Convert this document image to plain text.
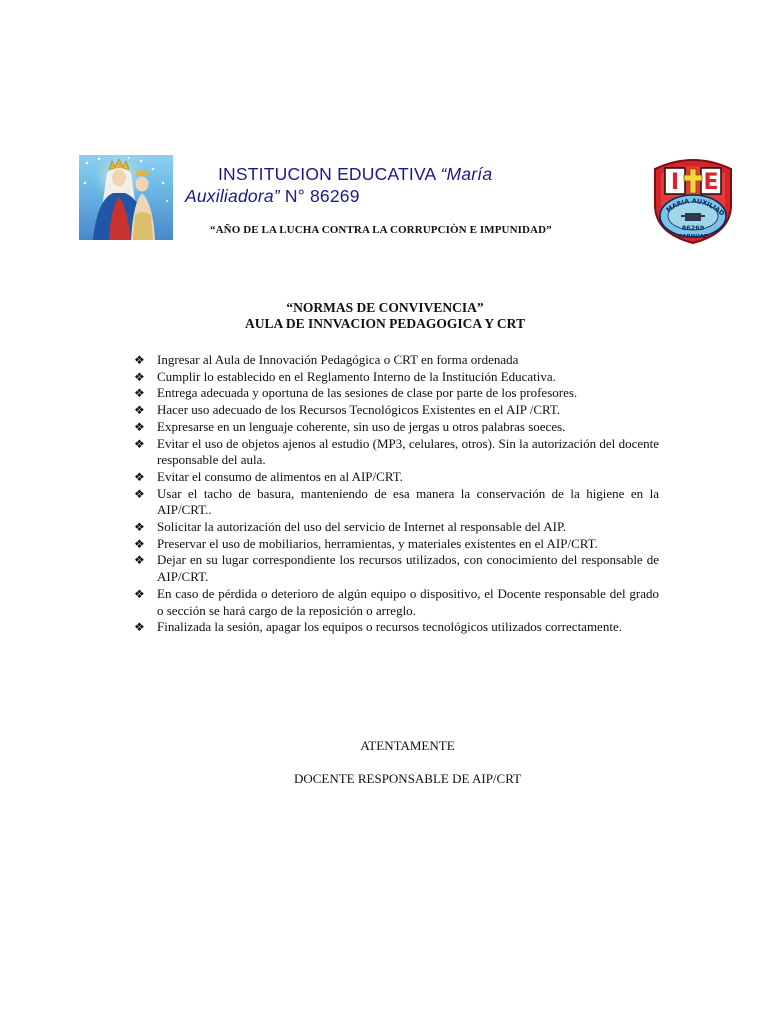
INSTITUCION EDUCATIVA “María
Auxiliadora” N° 86269
“AÑO DE LA LUCHA CONTRA LA CORRUPCIÒN E IMPUNIDAD”
I E
MARIA AUXILIAD
86269
CARHUAZ
“NORMAS DE CONVIVENCIA”
AULA DE INNVACION PEDAGOGICA Y CRT
❖ Ingresar al Aula de Innovación Pedagógica o CRT en forma ordenada
❖ Cumplir lo establecido en el Reglamento Interno de la Institución Educativa.
❖ Entrega adecuada y oportuna de las sesiones de clase por parte de los profesores.
❖ Hacer uso adecuado de los Recursos Tecnológicos Existentes en el AIP /CRT.
❖ Expresarse en un lenguaje coherente, sin uso de jergas u otros palabras soeces.
❖ Evitar el uso de objetos ajenos al estudio (MP3, celulares, otros). Sin la autorización del docente responsable del aula.
❖ Evitar el consumo de alimentos en al AIP/CRT.
❖ Usar el tacho de basura, manteniendo de esa manera la conservación de la higiene en la AIP/CRT..
❖ Solicitar la autorización del uso del servicio de Internet al responsable del AIP.
❖ Preservar el uso de mobiliarios, herramientas, y materiales existentes en el AIP/CRT.
❖ Dejar en su lugar correspondiente los recursos utilizados, con conocimiento del responsable de AIP/CRT.
❖ En caso de pérdida o deterioro de algún equipo o dispositivo, el Docente responsable del grado o sección se hará cargo de la reposición o arreglo.
❖ Finalizada la sesión, apagar los equipos o recursos tecnológicos utilizados correctamente.
ATENTAMENTE
DOCENTE RESPONSABLE DE AIP/CRT
